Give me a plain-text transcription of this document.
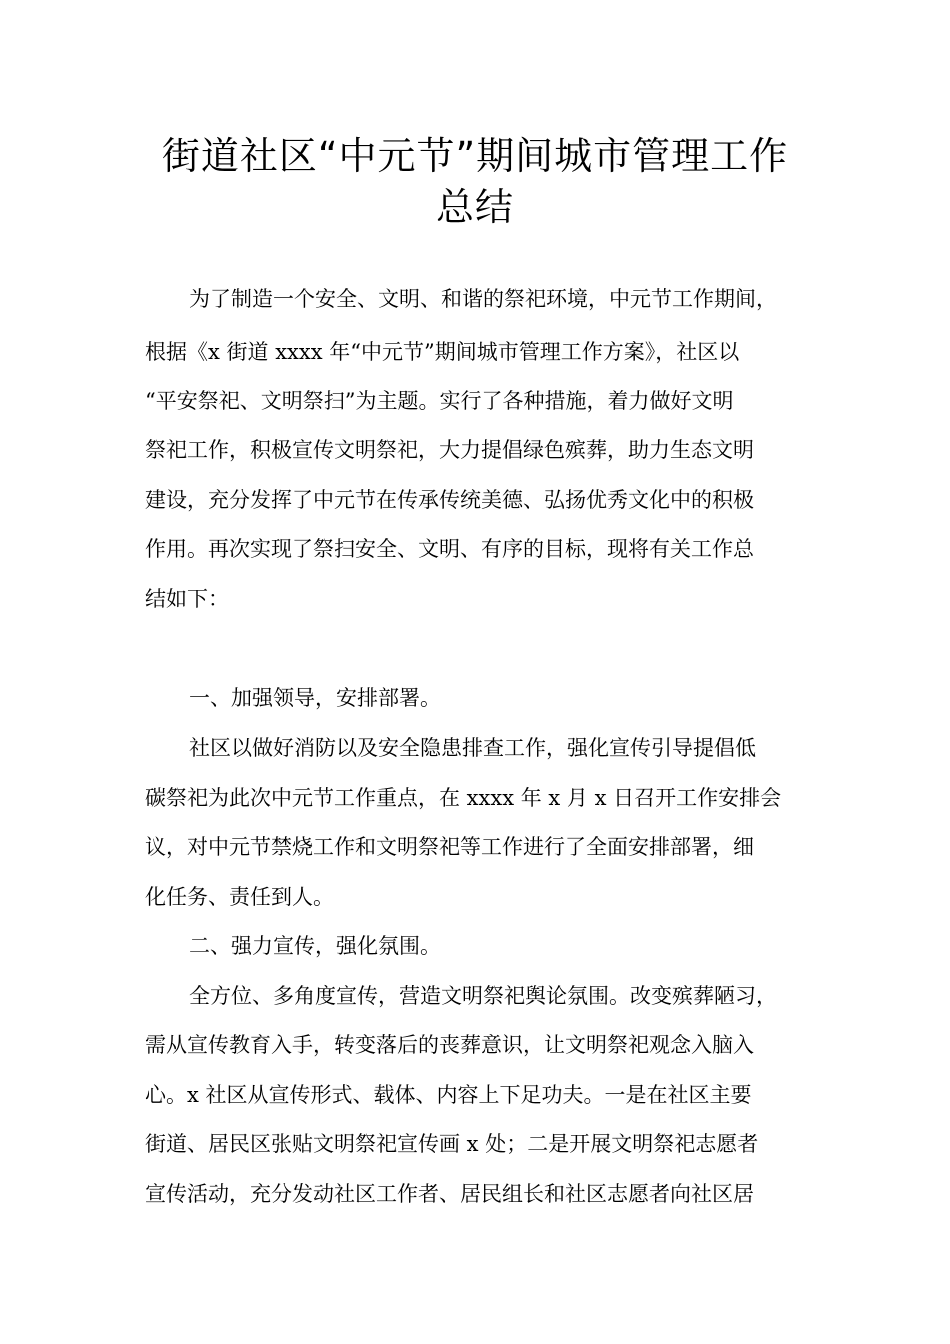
街道社区“中元节”期间城市管理工作
总结
为了制造一个安全、文明、和谐的祭祀环境，中元节工作期间，
根据《x 街道 xxxx 年“中元节”期间城市管理工作方案》，社区以
“平安祭祀、文明祭扫”为主题。实行了各种措施，着力做好文明
祭祀工作，积极宣传文明祭祀，大力提倡绿色殡葬，助力生态文明
建设，充分发挥了中元节在传承传统美德、弘扬优秀文化中的积极
作用。再次实现了祭扫安全、文明、有序的目标，现将有关工作总
结如下：
一、加强领导，安排部署。
社区以做好消防以及安全隐患排查工作，强化宣传引导提倡低
碳祭祀为此次中元节工作重点，在 xxxx 年 x 月 x 日召开工作安排会
议，对中元节禁烧工作和文明祭祀等工作进行了全面安排部署，细
化任务、责任到人。
二、强力宣传，强化氛围。
全方位、多角度宣传，营造文明祭祀舆论氛围。改变殡葬陋习，
需从宣传教育入手，转变落后的丧葬意识，让文明祭祀观念入脑入
心。x 社区从宣传形式、载体、内容上下足功夫。一是在社区主要
街道、居民区张贴文明祭祀宣传画 x 处；二是开展文明祭祀志愿者
宣传活动，充分发动社区工作者、居民组长和社区志愿者向社区居
